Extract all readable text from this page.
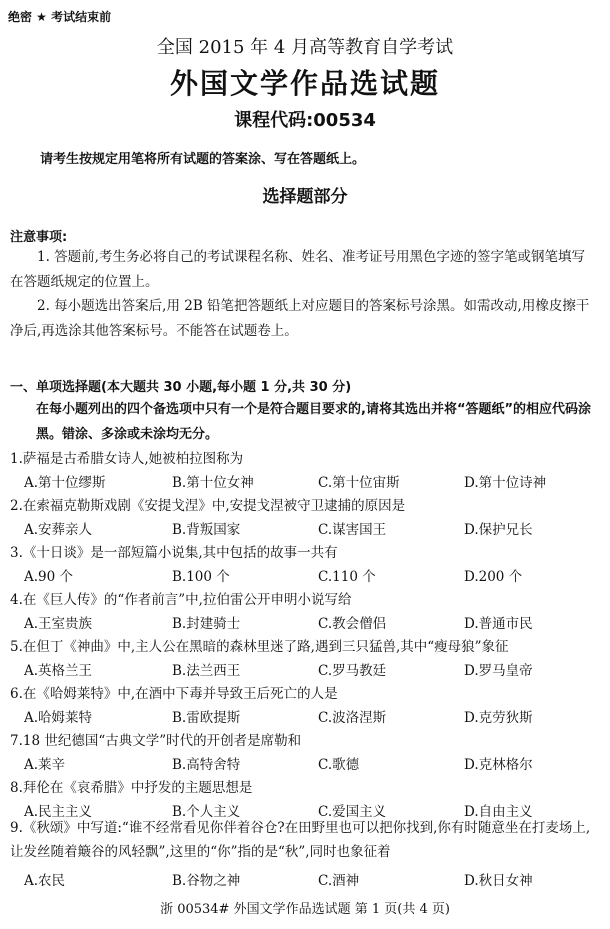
绝密 ★ 考试结束前
全国 2015 年 4 月高等教育自学考试
外国文学作品选试题
课程代码:00534
请考生按规定用笔将所有试题的答案涂、写在答题纸上。
选择题部分
注意事项:
1. 答题前,考生务必将自己的考试课程名称、姓名、准考证号用黑色字迹的签字笔或钢笔填写在答题纸规定的位置上。
2. 每小题选出答案后,用 2B 铅笔把答题纸上对应题目的答案标号涂黑。如需改动,用橡皮擦干净后,再选涂其他答案标号。不能答在试题卷上。
一、单项选择题(本大题共 30 小题,每小题 1 分,共 30 分)
在每小题列出的四个备选项中只有一个是符合题目要求的,请将其选出并将“答题纸”的相应代码涂黑。错涂、多涂或未涂均无分。
1.萨福是古希腊女诗人,她被柏拉图称为
A.第十位缪斯	B.第十位女神	C.第十位宙斯	D.第十位诗神
2.在索福克勒斯戏剧《安提戈涅》中,安提戈涅被守卫逮捕的原因是
A.安葬亲人	B.背叛国家	C.谋害国王	D.保护兄长
3.《十日谈》是一部短篇小说集,其中包括的故事一共有
A.90 个	B.100 个	C.110 个	D.200 个
4.在《巨人传》的“作者前言”中,拉伯雷公开申明小说写给
A.王室贵族	B.封建骑士	C.教会僧侣	D.普通市民
5.在但丁《神曲》中,主人公在黑暗的森林里迷了路,遇到三只猛兽,其中“瘦母狼”象征
A.英格兰王	B.法兰西王	C.罗马教廷	D.罗马皇帝
6.在《哈姆莱特》中,在酒中下毒并导致王后死亡的人是
A.哈姆莱特	B.雷欧提斯	C.波洛涅斯	D.克劳狄斯
7.18 世纪德国“古典文学”时代的开创者是席勒和
A.莱辛	B.高特舍特	C.歌德	D.克林格尔
8.拜伦在《哀希腊》中抒发的主题思想是
A.民主主义	B.个人主义	C.爱国主义	D.自由主义
9.《秋颂》中写道:“谁不经常看见你伴着谷仓?在田野里也可以把你找到,你有时随意坐在打麦场上,让发丝随着簸谷的风轻飘”,这里的“你”指的是“秋”,同时也象征着
A.农民	B.谷物之神	C.酒神	D.秋日女神
浙 00534# 外国文学作品选试题 第 1 页(共 4 页)
